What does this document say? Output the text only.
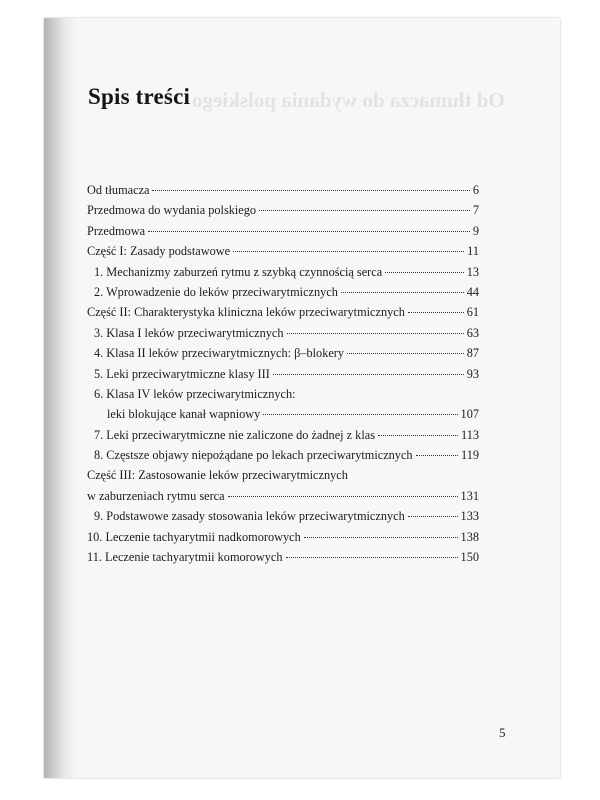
Od tłumacza do wydania polskiego
Spis treści
Od tłumacza	6
Przedmowa do wydania polskiego	7
Przedmowa	9
Część I: Zasady podstawowe	11
1. Mechanizmy zaburzeń rytmu z szybką czynnością serca	13
2. Wprowadzenie do leków przeciwarytmicznych	44
Część II: Charakterystyka kliniczna leków przeciwarytmicznych	61
3. Klasa I leków przeciwarytmicznych	63
4. Klasa II leków przeciwarytmicznych: β–blokery	87
5. Leki przeciwarytmiczne klasy III	93
6. Klasa IV leków przeciwarytmicznych:
leki blokujące kanał wapniowy	107
7. Leki przeciwarytmiczne nie zaliczone do żadnej z klas	113
8. Częstsze objawy niepożądane po lekach przeciwarytmicznych	119
Część III: Zastosowanie leków przeciwarytmicznych
w zaburzeniach rytmu serca	131
9. Podstawowe zasady stosowania leków przeciwarytmicznych	133
10. Leczenie tachyarytmii nadkomorowych	138
11. Leczenie tachyarytmii komorowych	150
5
